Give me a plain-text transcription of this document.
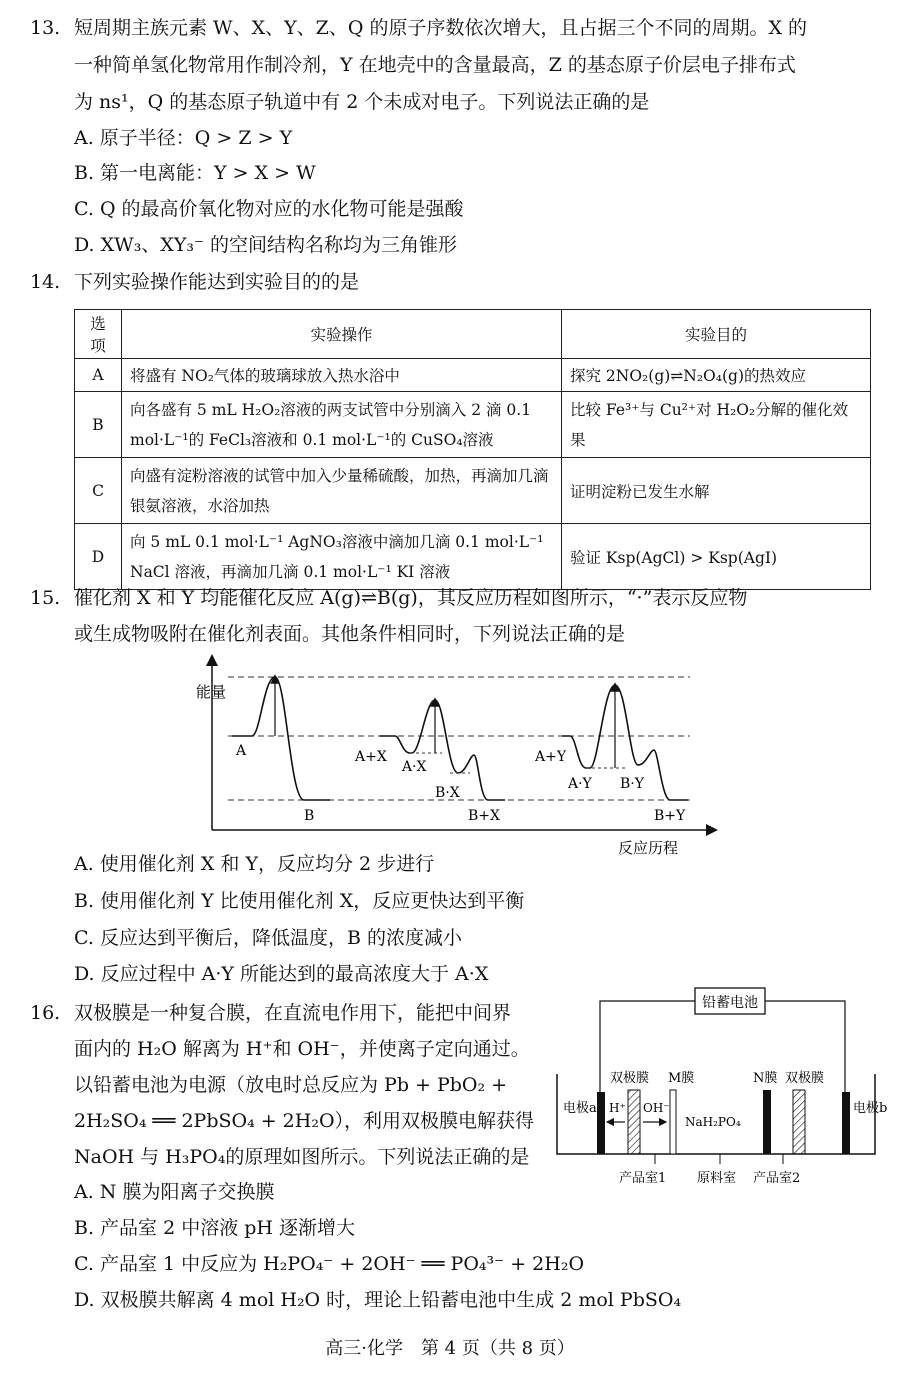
13. 短周期主族元素 W、X、Y、Z、Q 的原子序数依次增大，且占据三个不同的周期。X 的
一种简单氢化物常用作制冷剂，Y 在地壳中的含量最高，Z 的基态原子价层电子排布式
为 ns¹，Q 的基态原子轨道中有 2 个未成对电子。下列说法正确的是
A. 原子半径：Q > Z > Y
B. 第一电离能：Y > X > W
C. Q 的最高价氧化物对应的水化物可能是强酸
D. XW₃、XY₃⁻ 的空间结构名称均为三角锥形
14. 下列实验操作能达到实验目的的是
选项	实验操作	实验目的
A	将盛有 NO₂气体的玻璃球放入热水浴中	探究 2NO₂(g)⇌N₂O₄(g)的热效应
B	向各盛有 5 mL H₂O₂溶液的两支试管中分别滴入 2 滴 0.1 mol·L⁻¹的 FeCl₃溶液和 0.1 mol·L⁻¹的 CuSO₄溶液	比较 Fe³⁺与 Cu²⁺对 H₂O₂分解的催化效果
C	向盛有淀粉溶液的试管中加入少量稀硫酸，加热，再滴加几滴银氨溶液，水浴加热	证明淀粉已发生水解
D	向 5 mL 0.1 mol·L⁻¹ AgNO₃溶液中滴加几滴 0.1 mol·L⁻¹ NaCl 溶液，再滴加几滴 0.1 mol·L⁻¹ KI 溶液	验证 Ksp(AgCl) > Ksp(AgI)
15. 催化剂 X 和 Y 均能催化反应 A(g)⇌B(g)，其反应历程如图所示，“·”表示反应物
或生成物吸附在催化剂表面。其他条件相同时，下列说法正确的是
能量
A
B
A+X
A·X
B·X
B+X
A+Y
A·Y B·Y
B+Y
反应历程
A. 使用催化剂 X 和 Y，反应均分 2 步进行
B. 使用催化剂 Y 比使用催化剂 X，反应更快达到平衡
C. 反应达到平衡后，降低温度，B 的浓度减小
D. 反应过程中 A·Y 所能达到的最高浓度大于 A·X
16. 双极膜是一种复合膜，在直流电作用下，能把中间界
面内的 H₂O 解离为 H⁺和 OH⁻，并使离子定向通过。
以铅蓄电池为电源（放电时总反应为 Pb + PbO₂ +
2H₂SO₄ ══ 2PbSO₄ + 2H₂O），利用双极膜电解获得
NaOH 与 H₃PO₄的原理如图所示。下列说法正确的是
铅蓄电池
电极a	电极b
双极膜 M膜	N膜 双极膜
H⁺ OH⁻
NaH₂PO₄
产品室1 原料室 产品室2
A. N 膜为阳离子交换膜
B. 产品室 2 中溶液 pH 逐渐增大
C. 产品室 1 中反应为 H₂PO₄⁻ + 2OH⁻ ══ PO₄³⁻ + 2H₂O
D. 双极膜共解离 4 mol H₂O 时，理论上铅蓄电池中生成 2 mol PbSO₄
高三·化学　第 4 页（共 8 页）
